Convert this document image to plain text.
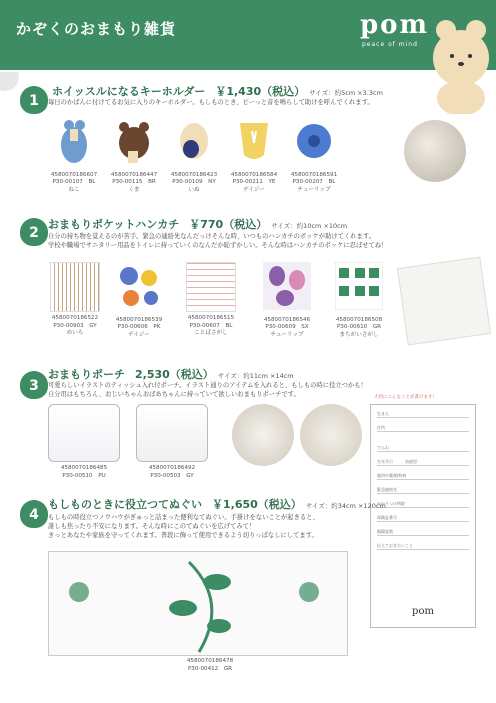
かぞくのおまもり雑貨	pom
peace of mind
1
ホイッスルになるキーホルダー ￥1,430（税込） サイズ：約5cm ×3.3cm
毎日のかばんに付けてるお気に入りのキーホルダー。もしものとき、ピーっと音を鳴らして助けを呼んでくれます。
4580070186607
P30-00107　BL
ねこ
4580070186447
P30-00115　BR
くま
4580070186423
P30-00109　NY
いぬ
4580070186584
P30-00211　YE
デイジー
4580070186591
P30-00207　BL
チューリップ
2
おまもりポケットハンカチ ￥770（税込） サイズ：約10cm ×10cm
自分の持ち物を覚えるのが苦手。緊急の連絡先なんだっけそんな時、いつものハンカチのポッケが助けてくれます。
学校や職場でサニタリー用品をトイレに持っていくのなんだか恥ずかしい。そんな時はハンカチのポッケに忍ばせてね！
4580070186522
P30-00903　GY
めいろ
4580070186539
P30-00606　PK
デイジー
4580070186515
P30-00607　BL
ことばさがし
4580070186546
P30-00609　SX
チューリップ
4580070186508
P30-00610　GR
まちがいさがし
3
おまもりポーチ 2,530（税込） サイズ：約11cm ×14cm
可愛らしいイラストのティッシュ入れ付ポーチ。イラスト通りのアイテムを入れると、もしもの時に役立つかも！
自分用はもちろん、おじいちゃんおばあちゃんに持っていて欲しいおまもりポーチです。	大切にこんなことが書けます！
4580070186485
P30-00510　PU
4580070186492
P30-00503　GY
なまえ
住所
でんわ
生年月日　　　血液型
服用中薬剤/持病
緊急連絡先
かかりつけ病院
保険証番号
眼鏡度数
伝えておきたいこと
pom
4
もしものときに役立つてぬぐい ￥1,650（税込） サイズ：約34cm ×120cm
もしもの時役立つノウハウがぎゅっと詰まった便利なてぬぐい。手掛けをないことが起きると、
誰しも焦ったり不安になります。そんな時にこのてぬぐいを広げてみて！
きっとあなたや家族を守ってくれます。普段に飾って使用できるよう切りっぱなしにしてます。
4580070186478
P30-00412　GR
